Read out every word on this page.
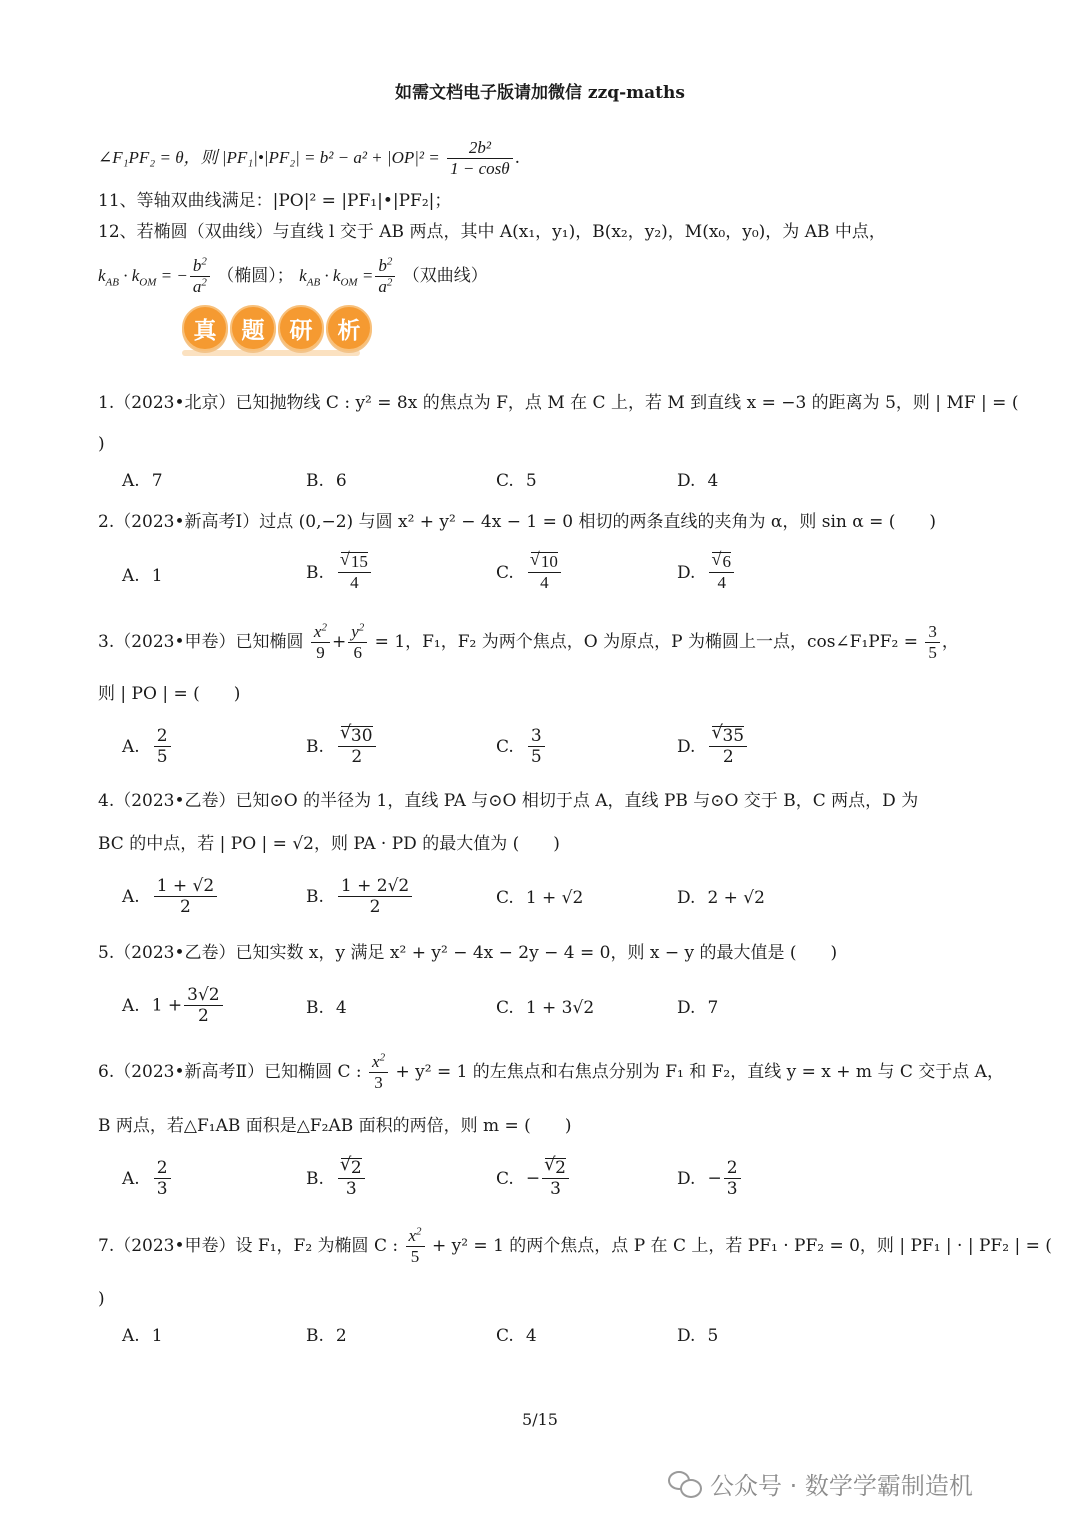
如需文档电子版请加微信 zzq-maths
∠F₁PF₂ = θ，则 |PF₁|•|PF₂| = $b^2 - a^2 + |OP|^2 = \frac{\text{2b²}}{1 - \cos\theta}$ .
11、等轴双曲线满足：|PO|² = |PF₁|•|PF₂|；
12、若椭圆（双曲线）与直线 l 交于 AB 两点，其中 A(x₁，y₁)，B(x₂，y₂)，M(x₀，y₀)，为 AB 中点，
$k_{AB} \cdot k_{OM}$ = − $\frac{b^2}{a^2}$ （椭圆）； $k_{AB} \cdot k_{OM} = \frac{b^2}{a^2}$ （双曲线）
真	题	研	析
1.（2023•北京）已知抛物线 C : y² = 8x 的焦点为 F，点 M 在 C 上，若 M 到直线 x = −3 的距离为 5，则 | MF | = (
)
A. 7	B. 6	C. 5	D. 4
2.（2023•新高考Ⅰ）过点 (0,−2) 与圆 x² + y² − 4x − 1 = 0 相切的两条直线的夹角为 α，则 sin α = (　　)
A. 1	B. √ $\frac{15}{4}$	C. √ $\frac{10}{4}$	D. √ $\frac{6}{4}$
3.（2023•甲卷）已知椭圆 $\frac{x^2}{9} + \frac{y^2}{6} = 1$，F₁，F₂ 为两个焦点，O 为原点，P 为椭圆上一点，cos∠F₁PF₂ = $\frac{3}{5}$ ，
则 | PO | = (　　)
A. $\frac{2}{5}$	B. √ $\frac{30}{2}$	C. $\frac{3}{5}$	D. √ $\frac{35}{2}$
4.（2023•乙卷）已知⊙O 的半径为 1，直线 PA 与⊙O 相切于点 A，直线 PB 与⊙O 交于 B，C 两点，D 为
BC 的中点，若 | PO | = √2，则 PA · PD 的最大值为 (　　)
A. $\frac{1 + √2}{2}$	B. $\frac{1 + 2√2}{2}$	C. 1 + √2	D. 2 + √2
5.（2023•乙卷）已知实数 x，y 满足 x² + y² − 4x − 2y − 4 = 0，则 x − y 的最大值是 (　　)
A. $1 + \frac{3√2}{2}$	B. 4	C. 1 + 3√2	D. 7
6.（2023•新高考Ⅱ）已知椭圆 C : $\frac{x^2}{3} + y^2 = 1$ 的左焦点和右焦点分别为 F₁ 和 F₂，直线 y = x + m 与 C 交于点 A，
B 两点，若△F₁AB 面积是△F₂AB 面积的两倍，则 m = (　　)
A. $\frac{2}{3}$	B. √ $\frac{2}{3}$	C. − √ $\frac{2}{3}$	D. − $\frac{2}{3}$
7.（2023•甲卷）设 F₁，F₂ 为椭圆 C : $\frac{x^2}{5} + y^2 = 1$ 的两个焦点，点 P 在 C 上，若 PF₁ · PF₂ = 0，则 | PF₁ | · | PF₂ | = (
)
A. 1	B. 2	C. 4	D. 5
5/15
公众号 · 数学学霸制造机
